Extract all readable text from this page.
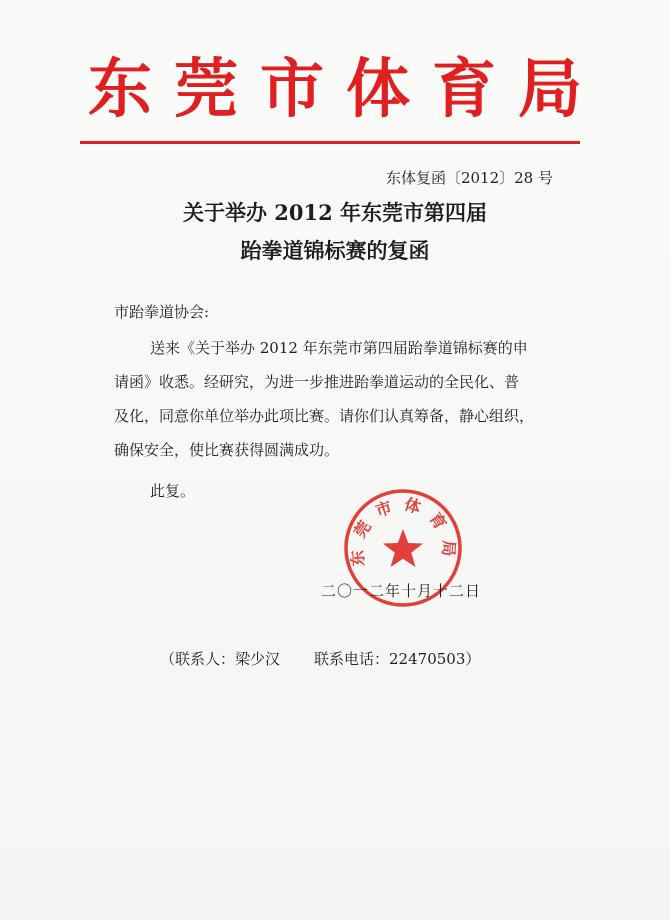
东莞市体育局
东体复函〔2012〕28 号
关于举办 2012 年东莞市第四届
跆拳道锦标赛的复函
市跆拳道协会:
送来《关于举办 2012 年东莞市第四届跆拳道锦标赛的申
请函》收悉。经研究，为进一步推进跆拳道运动的全民化、普
及化，同意你单位举办此项比赛。请你们认真筹备，静心组织，
确保安全，使比赛获得圆满成功。
此复。
东莞市体育局
二〇一二年十月十二日
（联系人：梁少汉 联系电话：22470503）
